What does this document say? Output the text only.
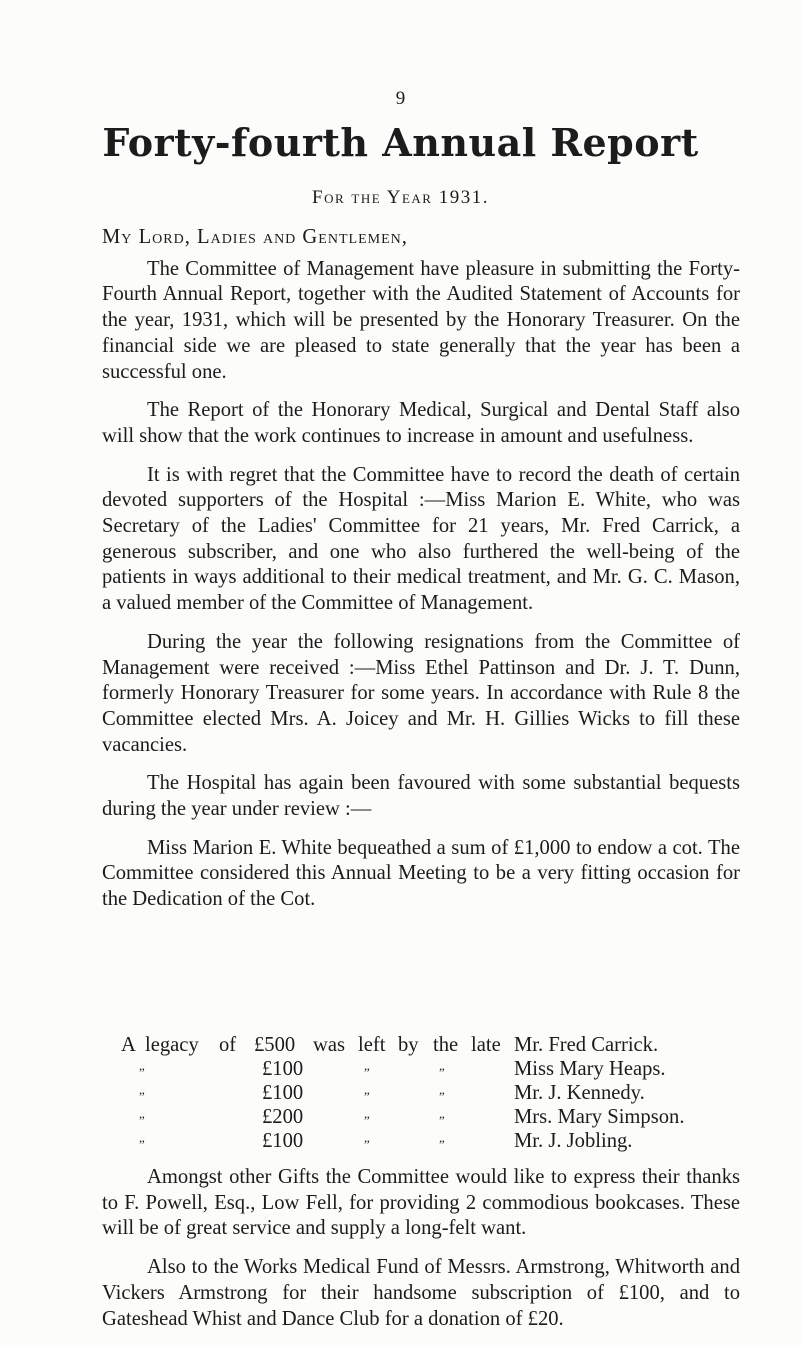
9
Forty-fourth Annual Report
For the Year 1931.

My Lord, Ladies and Gentlemen,

The Committee of Management have pleasure in submitting the Forty-Fourth Annual Report, together with the Audited Statement of Accounts for the year, 1931, which will be presented by the Honorary Treasurer. On the financial side we are pleased to state generally that the year has been a successful one.

The Report of the Honorary Medical, Surgical and Dental Staff also will show that the work continues to increase in amount and usefulness.

It is with regret that the Committee have to record the death of certain devoted supporters of the Hospital :—Miss Marion E. White, who was Secretary of the Ladies' Committee for 21 years, Mr. Fred Carrick, a generous subscriber, and one who also furthered the well-being of the patients in ways additional to their medical treatment, and Mr. G. C. Mason, a valued member of the Committee of Management.

During the year the following resignations from the Committee of Management were received :—Miss Ethel Pattinson and Dr. J. T. Dunn, formerly Honorary Treasurer for some years. In accordance with Rule 8 the Committee elected Mrs. A. Joicey and Mr. H. Gillies Wicks to fill these vacancies.

The Hospital has again been favoured with some substantial bequests during the year under review :—

Miss Marion E. White bequeathed a sum of £1,000 to endow a cot. The Committee considered this Annual Meeting to be a very fitting occasion for the Dedication of the Cot.

A legacy of £500 was left by the late Mr. Fred Carrick.
„	£100	„	„	Miss Mary Heaps.
„	£100	„	„	Mr. J. Kennedy.
„	£200	„	„	Mrs. Mary Simpson.
„	£100	„	„	Mr. J. Jobling.

Amongst other Gifts the Committee would like to express their thanks to F. Powell, Esq., Low Fell, for providing 2 commodious bookcases. These will be of great service and supply a long-felt want.

Also to the Works Medical Fund of Messrs. Armstrong, Whitworth and Vickers Armstrong for their handsome subscription of £100, and to Gateshead Whist and Dance Club for a donation of £20.
